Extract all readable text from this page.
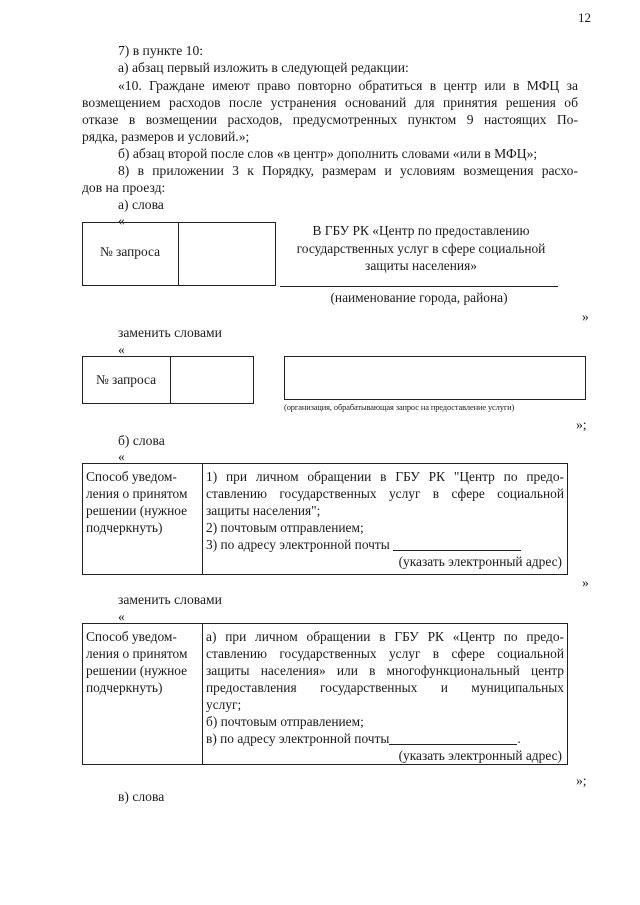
12
7) в пункте 10:
а) абзац первый изложить в следующей редакции:
«10. Граждане имеют право повторно обратиться в центр или в МФЦ за
возмещением расходов после устранения оснований для принятия решения об
отказе в возмещении расходов, предусмотренных пунктом 9 настоящих По-
рядка, размеров и условий.»;
б) абзац второй после слов «в центр» дополнить словами «или в МФЦ»;
8) в приложении 3 к Порядку, размерам и условиям возмещения расхо-
дов на проезд:
а) слова
«
№ запроса
В ГБУ РК «Центр по предоставлению
государственных услуг в сфере социальной
защиты населения»
(наименование города, района)
»
заменить словами
«
№ запроса
(организация, обрабатывающая запрос на предоставление услуги)
»;
б) слова
«
Способ уведом-
ления о принятом
решении (нужное
подчеркнуть)
1) при личном обращении в ГБУ РК "Центр по предо-
ставлению государственных услуг в сфере социальной
защиты населения";
2) почтовым отправлением;
3) по адресу электронной почты
(указать электронный адрес)
»
заменить словами
«
Способ уведом-
ления о принятом
решении (нужное
подчеркнуть)
а) при личном обращении в ГБУ РК «Центр по предо-
ставлению государственных услуг в сфере социальной
защиты населения» или в многофункциональный центр
предоставления государственных и муниципальных
услуг;
б) почтовым отправлением;
в) по адресу электронной почты	.
(указать электронный адрес)
»;
в) слова
